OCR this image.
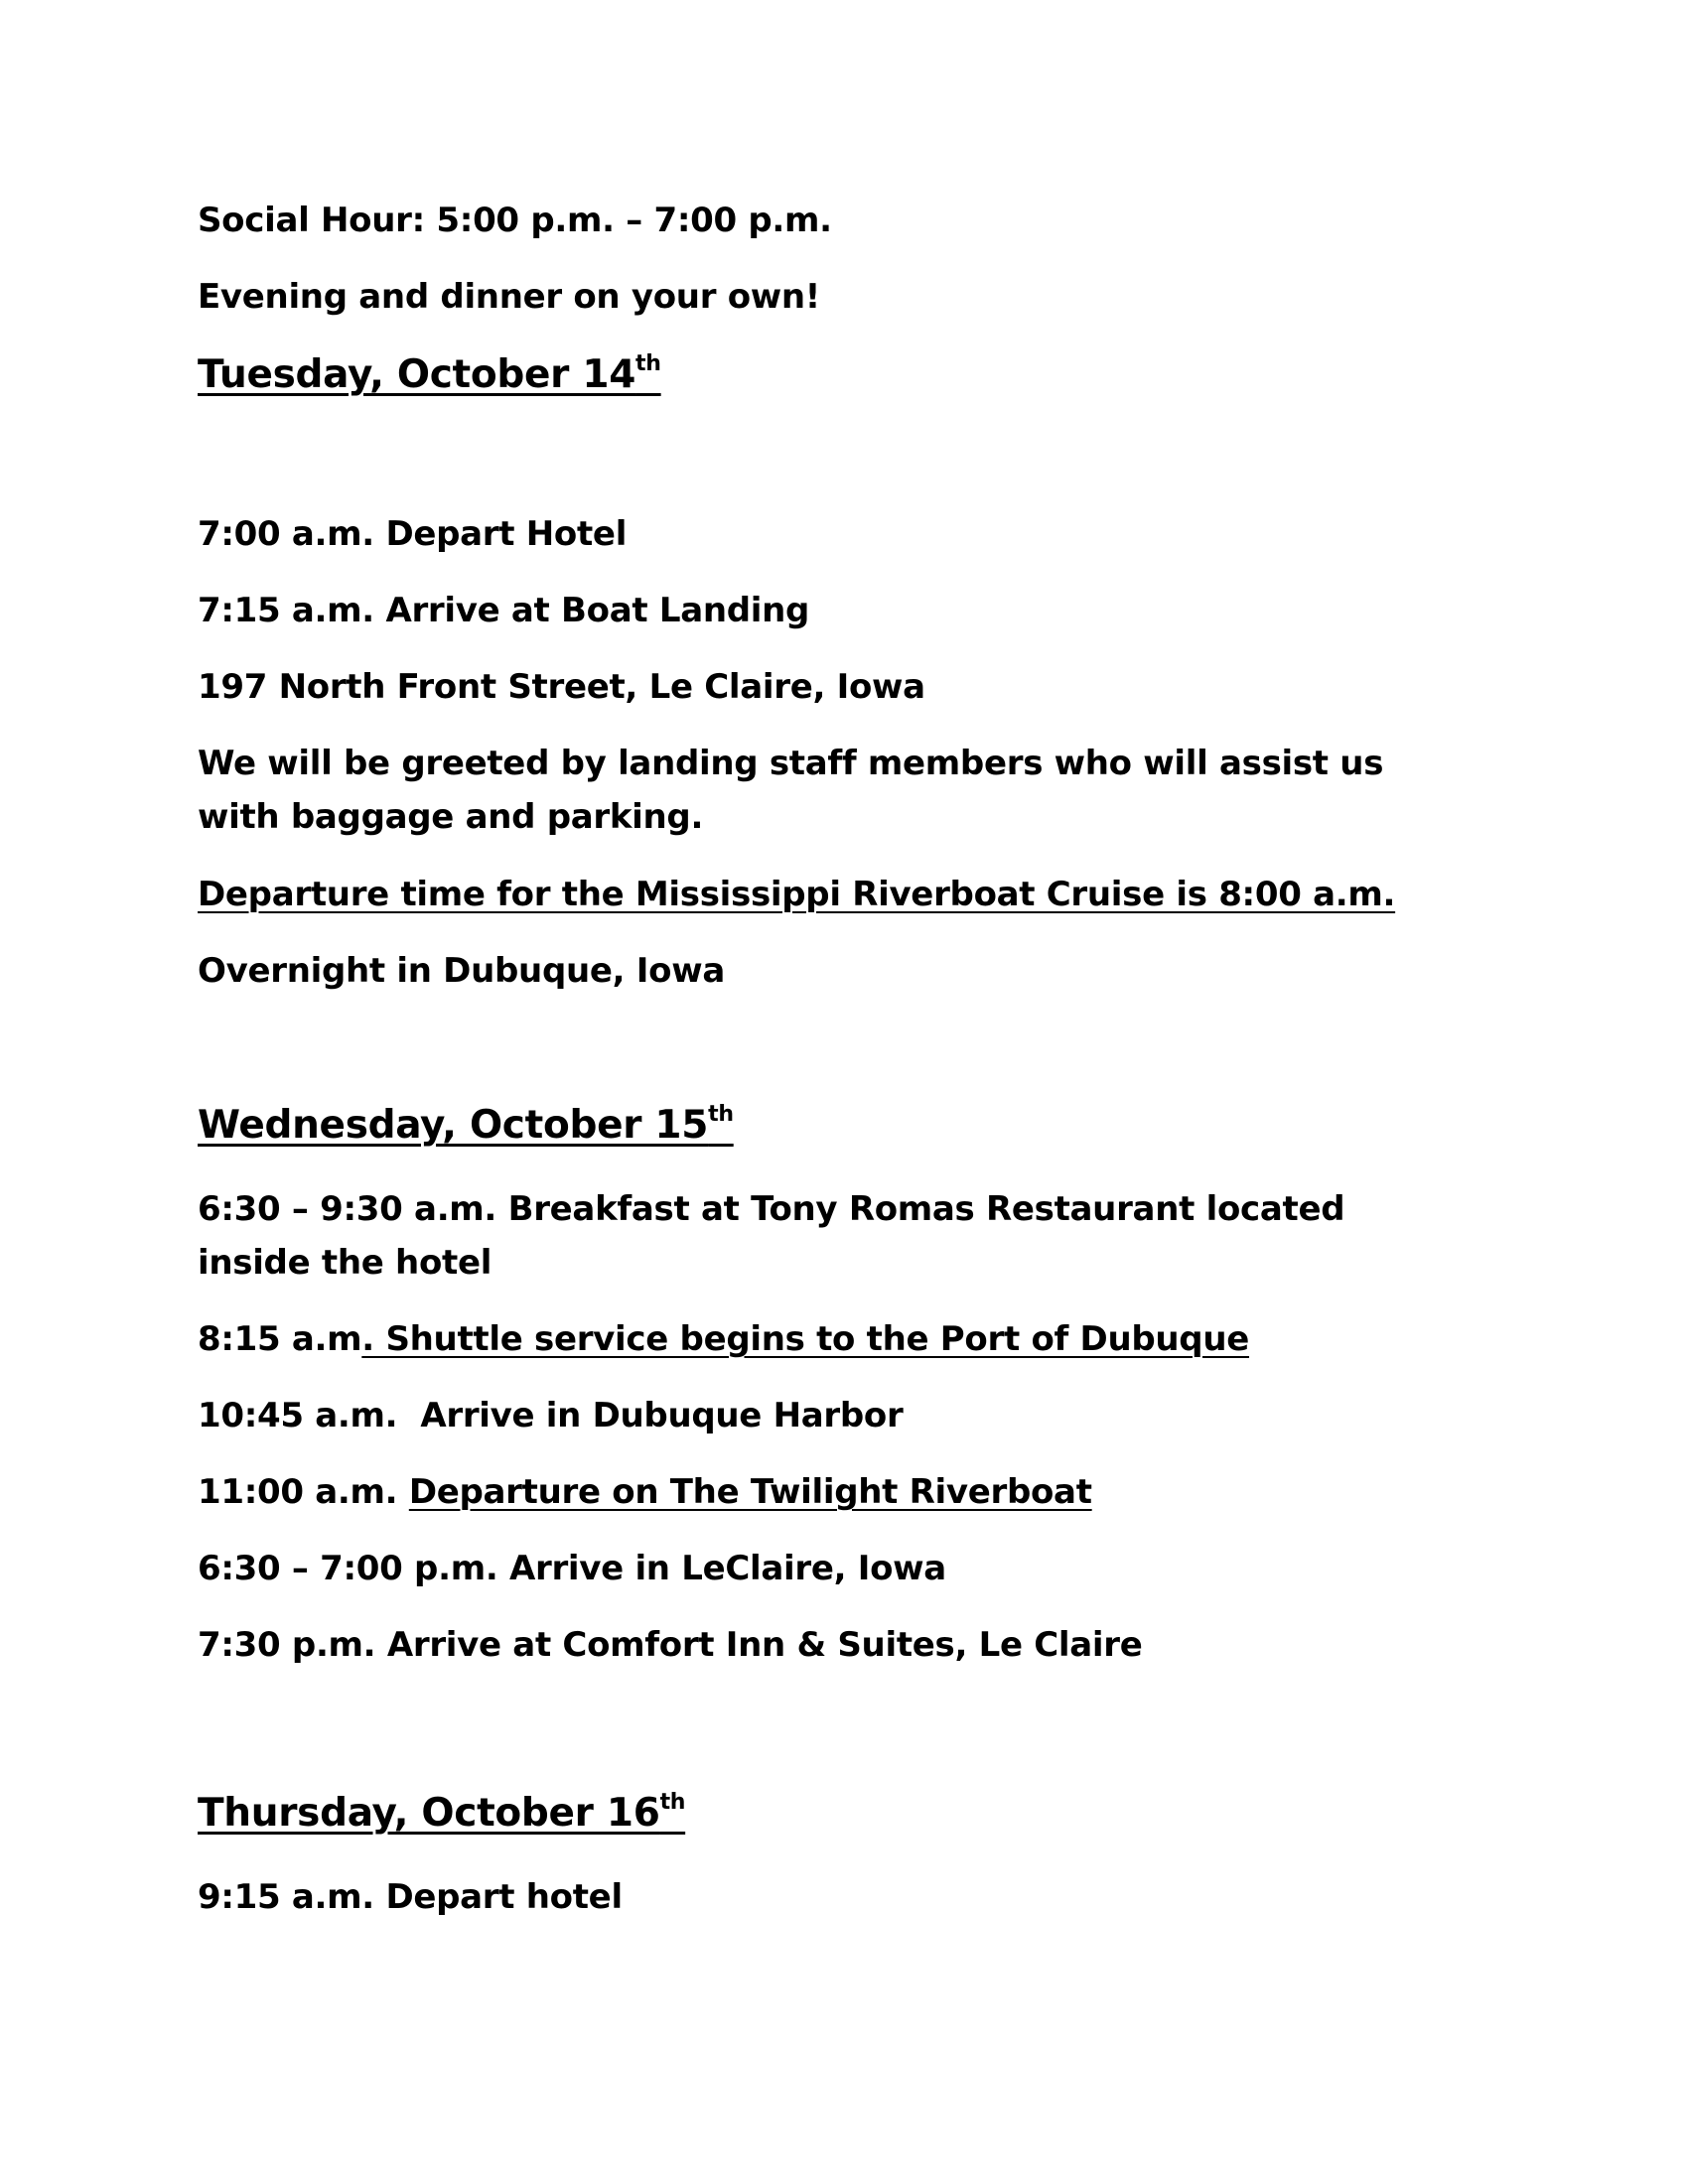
Social Hour: 5:00 p.m. – 7:00 p.m.

Evening and dinner on your own!

Tuesday, October 14th

7:00 a.m. Depart Hotel

7:15 a.m. Arrive at Boat Landing

197 North Front Street, Le Claire, Iowa

We will be greeted by landing staff members who will assist us with baggage and parking.

Departure time for the Mississippi Riverboat Cruise is 8:00 a.m.

Overnight in Dubuque, Iowa

Wednesday, October 15th

6:30 – 9:30 a.m. Breakfast at Tony Romas Restaurant located inside the hotel

8:15 a.m. Shuttle service begins to the Port of Dubuque

10:45 a.m.  Arrive in Dubuque Harbor

11:00 a.m. Departure on The Twilight Riverboat

6:30 – 7:00 p.m. Arrive in LeClaire, Iowa

7:30 p.m. Arrive at Comfort Inn & Suites, Le Claire

Thursday, October 16th

9:15 a.m. Depart hotel
